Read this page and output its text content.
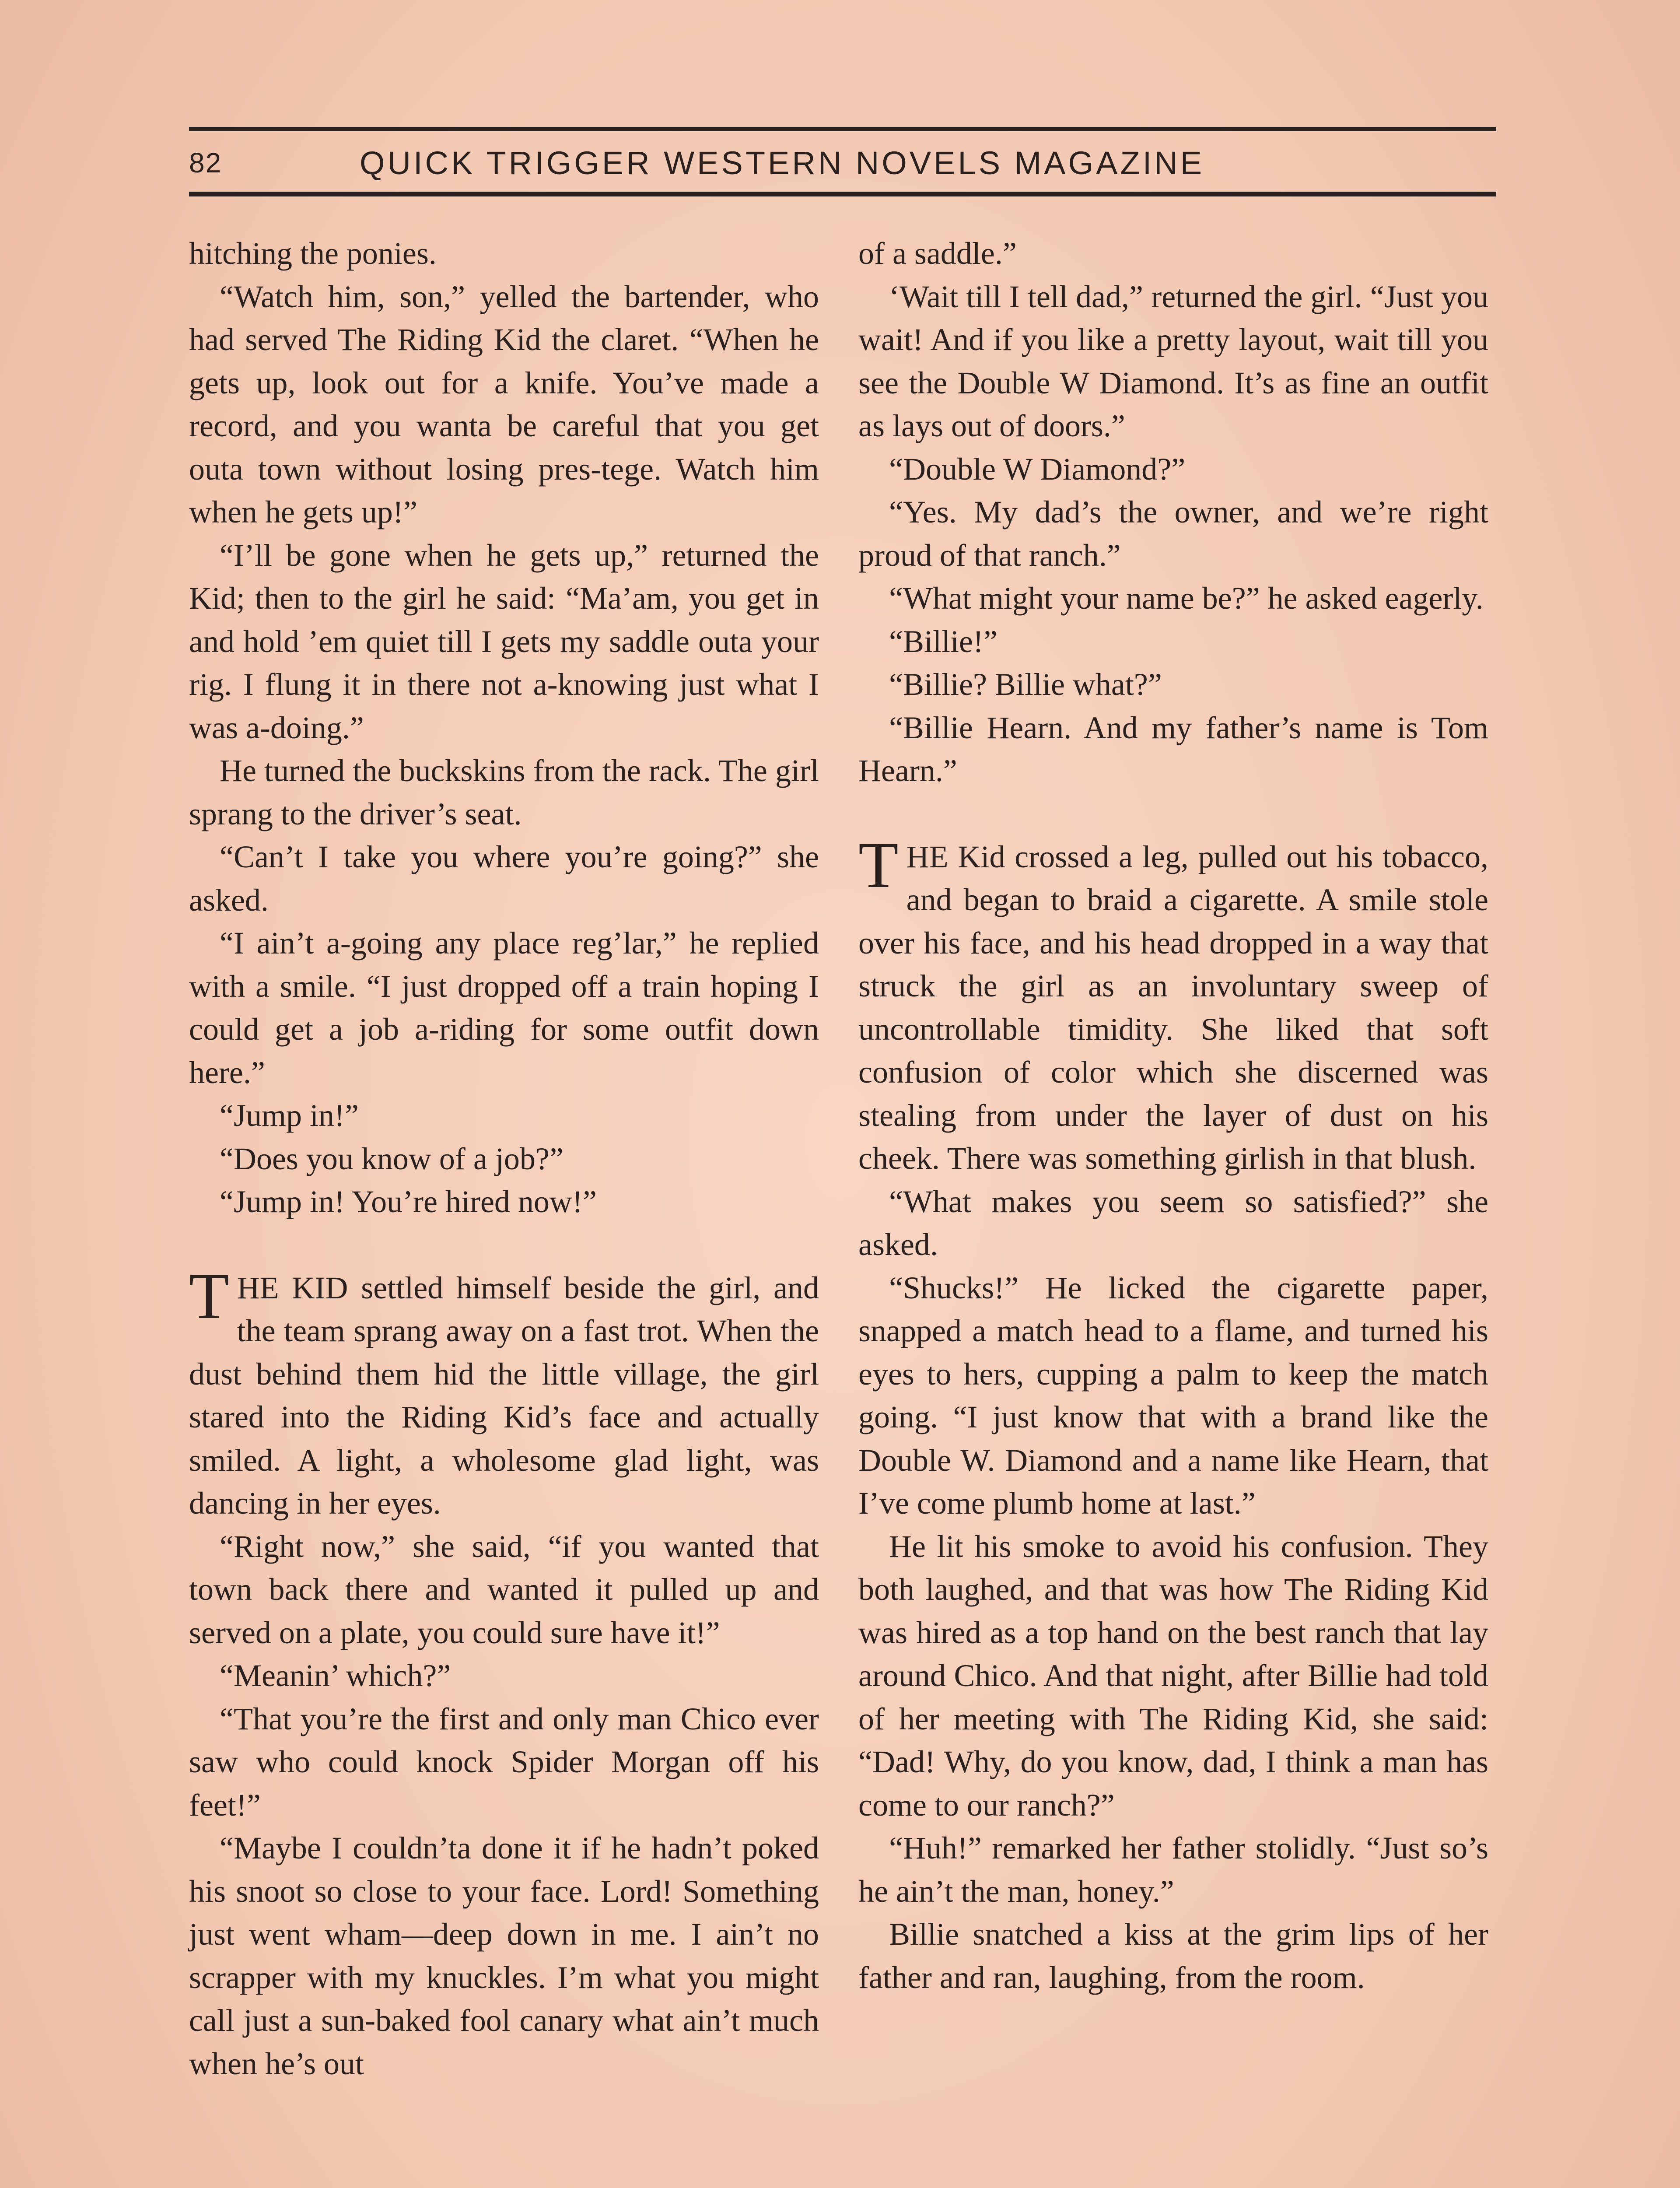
82	QUICK TRIGGER WESTERN NOVELS MAGAZINE

hitching the ponies.

“Watch him, son,” yelled the bartender, who had served The Riding Kid the claret. “When he gets up, look out for a knife. You’ve made a record, and you wanta be careful that you get outa town without losing pres-tege. Watch him when he gets up!”

“I’ll be gone when he gets up,” returned the Kid; then to the girl he said: “Ma’am, you get in and hold ’em quiet till I gets my saddle outa your rig. I flung it in there not a-knowing just what I was a-doing.”

He turned the buckskins from the rack. The girl sprang to the driver’s seat.

“Can’t I take you where you’re going?” she asked.

“I ain’t a-going any place reg’lar,” he replied with a smile. “I just dropped off a train hoping I could get a job a-riding for some outfit down here.”

“Jump in!”

“Does you know of a job?”

“Jump in! You’re hired now!”

THE KID settled himself beside the girl, and the team sprang away on a fast trot. When the dust behind them hid the little village, the girl stared into the Riding Kid’s face and actually smiled. A light, a wholesome glad light, was dancing in her eyes.

“Right now,” she said, “if you wanted that town back there and wanted it pulled up and served on a plate, you could sure have it!”

“Meanin’ which?”

“That you’re the first and only man Chico ever saw who could knock Spider Morgan off his feet!”

“Maybe I couldn’ta done it if he hadn’t poked his snoot so close to your face. Lord! Something just went wham—deep down in me. I ain’t no scrapper with my knuckles. I’m what you might call just a sun-baked fool canary what ain’t much when he’s out

of a saddle.”

‘Wait till I tell dad,” returned the girl. “Just you wait! And if you like a pretty layout, wait till you see the Double W Diamond. It’s as fine an outfit as lays out of doors.”

“Double W Diamond?”

“Yes. My dad’s the owner, and we’re right proud of that ranch.”

“What might your name be?” he asked eagerly.

“Billie!”

“Billie? Billie what?”

“Billie Hearn. And my father’s name is Tom Hearn.”

THE Kid crossed a leg, pulled out his tobacco, and began to braid a cigarette. A smile stole over his face, and his head dropped in a way that struck the girl as an involuntary sweep of uncontrollable timidity. She liked that soft confusion of color which she discerned was stealing from under the layer of dust on his cheek. There was something girlish in that blush.

“What makes you seem so satisfied?” she asked.

“Shucks!” He licked the cigarette paper, snapped a match head to a flame, and turned his eyes to hers, cupping a palm to keep the match going. “I just know that with a brand like the Double W. Diamond and a name like Hearn, that I’ve come plumb home at last.”

He lit his smoke to avoid his confusion. They both laughed, and that was how The Riding Kid was hired as a top hand on the best ranch that lay around Chico. And that night, after Billie had told of her meeting with The Riding Kid, she said: “Dad! Why, do you know, dad, I think a man has come to our ranch?”

“Huh!” remarked her father stolidly. “Just so’s he ain’t the man, honey.”

Billie snatched a kiss at the grim lips of her father and ran, laughing, from the room.
